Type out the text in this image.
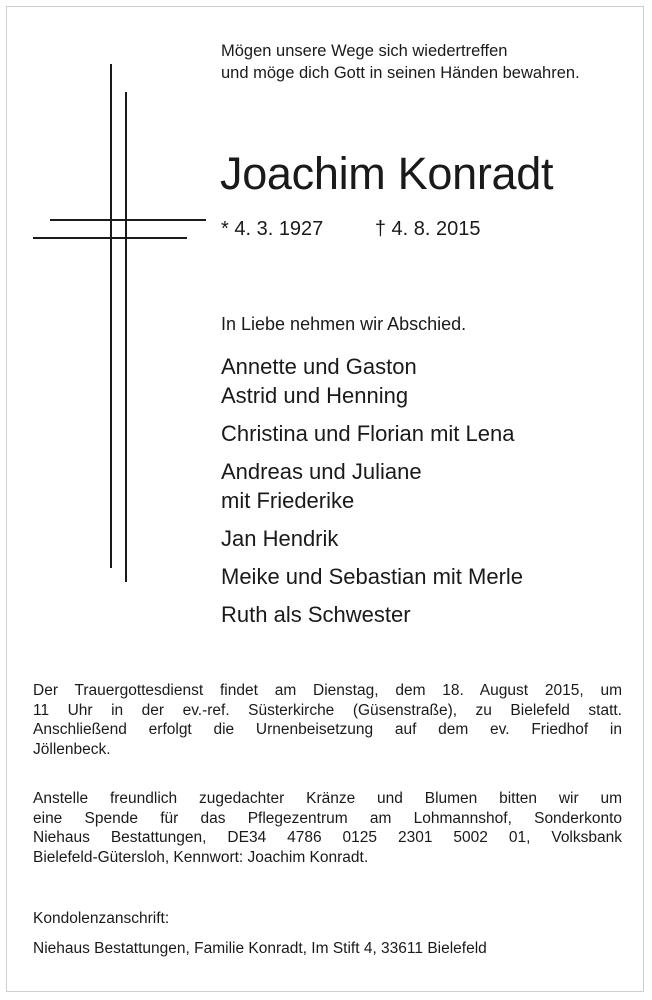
Mögen unsere Wege sich wiedertreffen
und möge dich Gott in seinen Händen bewahren.

Joachim Konradt
* 4. 3. 1927	† 4. 8. 2015

In Liebe nehmen wir Abschied.

Annette und Gaston
Astrid und Henning
Christina und Florian mit Lena
Andreas und Juliane
mit Friederike
Jan Hendrik
Meike und Sebastian mit Merle
Ruth als Schwester

Der Trauergottesdienst findet am Dienstag, dem 18. August 2015, um
11 Uhr in der ev.-ref. Süsterkirche (Güsenstraße), zu Bielefeld statt.
Anschließend erfolgt die Urnenbeisetzung auf dem ev. Friedhof in
Jöllenbeck.

Anstelle freundlich zugedachter Kränze und Blumen bitten wir um
eine Spende für das Pflegezentrum am Lohmannshof, Sonderkonto
Niehaus Bestattungen, DE34 4786 0125 2301 5002 01, Volksbank
Bielefeld-Gütersloh, Kennwort: Joachim Konradt.

Kondolenzanschrift:
Niehaus Bestattungen, Familie Konradt, Im Stift 4, 33611 Bielefeld
